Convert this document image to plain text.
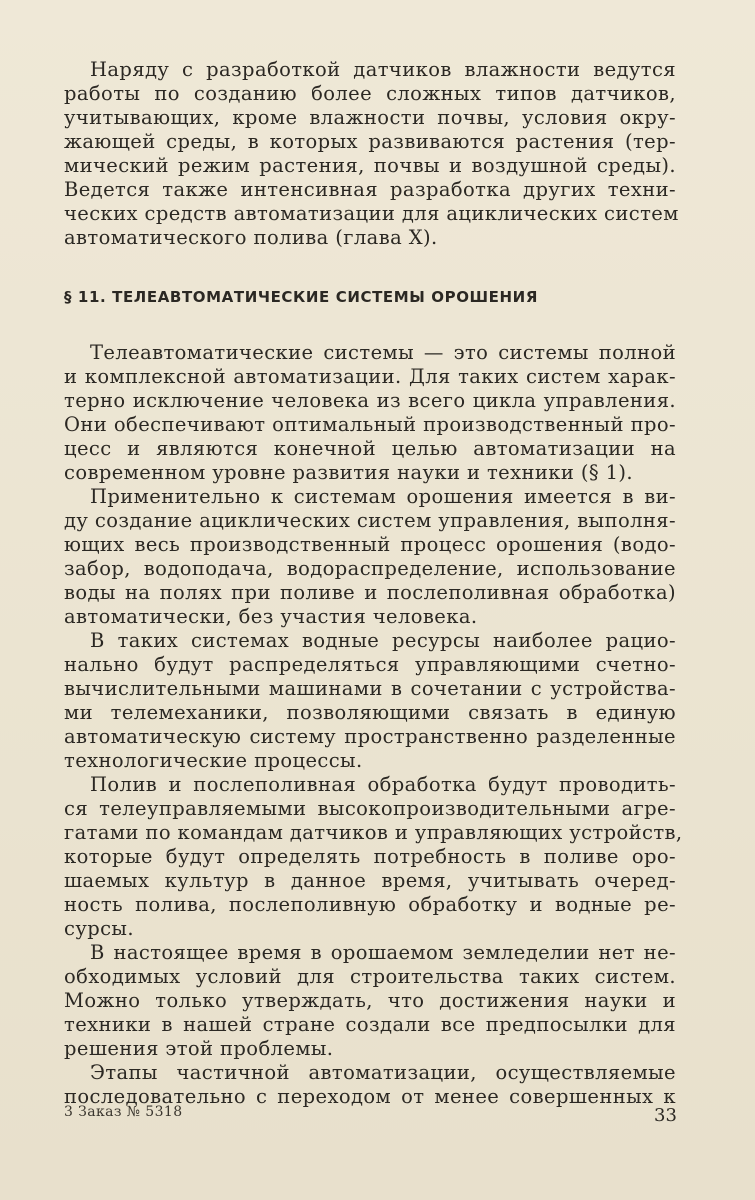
Наряду с разработкой датчиков влажности ведутся
работы по созданию более сложных типов датчиков,
учитывающих, кроме влажности почвы, условия окру-
жающей среды, в которых развиваются растения (тер-
мический режим растения, почвы и воздушной среды).
Ведется также интенсивная разработка других техни-
ческих средств автоматизации для ациклических систем
автоматического полива (глава X).
§ 11. ТЕЛЕАВТОМАТИЧЕСКИЕ СИСТЕМЫ ОРОШЕНИЯ
Телеавтоматические системы — это системы полной
и комплексной автоматизации. Для таких систем харак-
терно исключение человека из всего цикла управления.
Они обеспечивают оптимальный производственный про-
цесс и являются конечной целью автоматизации на
современном уровне развития науки и техники (§ 1).
Применительно к системам орошения имеется в ви-
ду создание ациклических систем управления, выполня-
ющих весь производственный процесс орошения (водо-
забор, водоподача, водораспределение, использование
воды на полях при поливе и послеполивная обработка)
автоматически, без участия человека.
В таких системах водные ресурсы наиболее рацио-
нально будут распределяться управляющими счетно-
вычислительными машинами в сочетании с устройства-
ми телемеханики, позволяющими связать в единую
автоматическую систему пространственно разделенные
технологические процессы.
Полив и послеполивная обработка будут проводить-
ся телеуправляемыми высокопроизводительными агре-
гатами по командам датчиков и управляющих устройств,
которые будут определять потребность в поливе оро-
шаемых культур в данное время, учитывать очеред-
ность полива, послеполивную обработку и водные ре-
сурсы.
В настоящее время в орошаемом земледелии нет не-
обходимых условий для строительства таких систем.
Можно только утверждать, что достижения науки и
техники в нашей стране создали все предпосылки для
решения этой проблемы.
Этапы частичной автоматизации, осуществляемые
последовательно с переходом от менее совершенных к
3 Заказ № 5318	33
